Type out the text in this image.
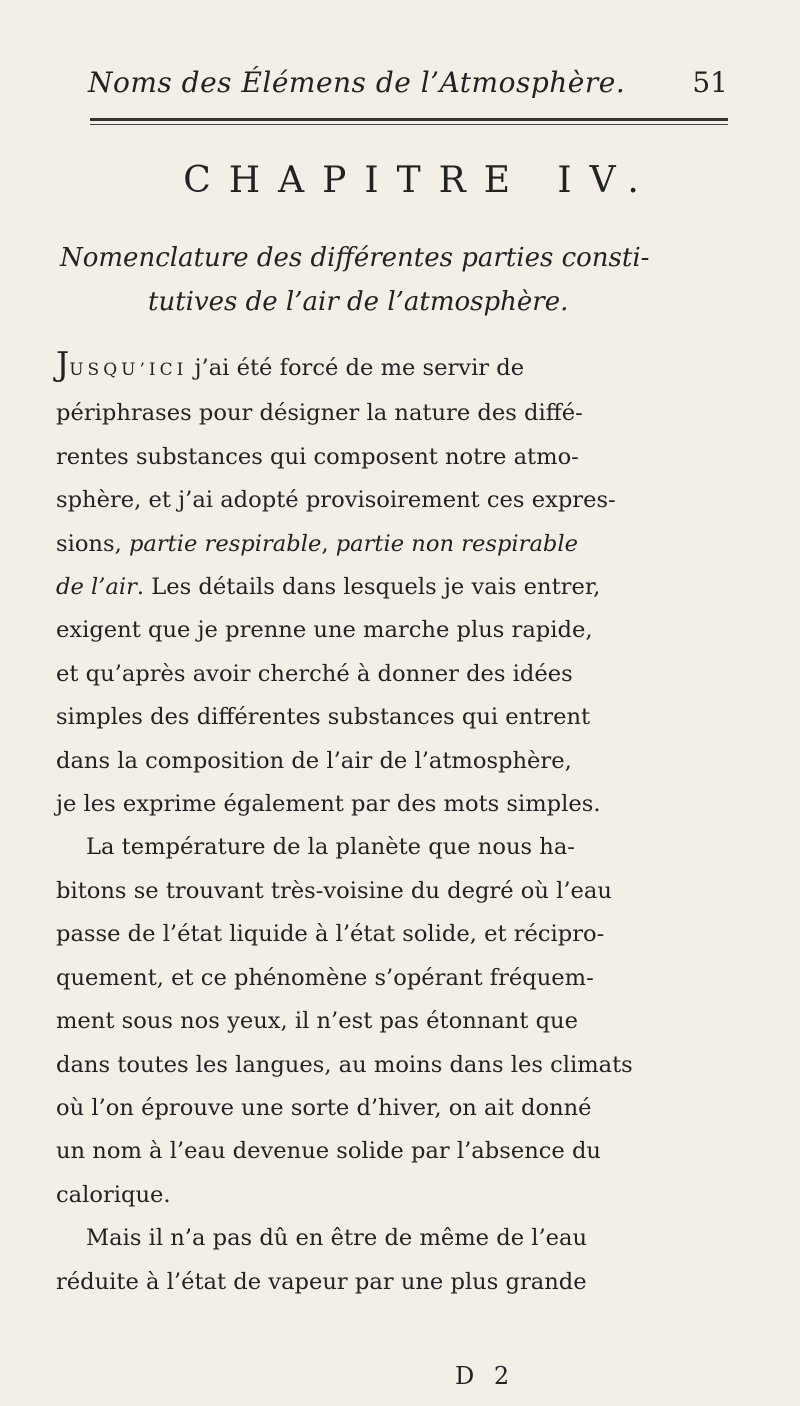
Noms des Élémens de l’Atmosphère. 51
CHAPITRE IV.
Nomenclature des différentes parties consti-
tutives de l’air de l’atmosphère.
JUSQU’ICI j’ai été forcé de me servir de
périphrases pour désigner la nature des diffé-
rentes substances qui composent notre atmo-
sphère, et j’ai adopté provisoirement ces expres-
sions, partie respirable, partie non respirable
de l’air. Les détails dans lesquels je vais entrer,
exigent que je prenne une marche plus rapide,
et qu’après avoir cherché à donner des idées
simples des différentes substances qui entrent
dans la composition de l’air de l’atmosphère,
je les exprime également par des mots simples.
La température de la planète que nous ha-
bitons se trouvant très-voisine du degré où l’eau
passe de l’état liquide à l’état solide, et récipro-
quement, et ce phénomène s’opérant fréquem-
ment sous nos yeux, il n’est pas étonnant que
dans toutes les langues, au moins dans les climats
où l’on éprouve une sorte d’hiver, on ait donné
un nom à l’eau devenue solide par l’absence du
calorique.
Mais il n’a pas dû en être de même de l’eau
réduite à l’état de vapeur par une plus grande
D 2
